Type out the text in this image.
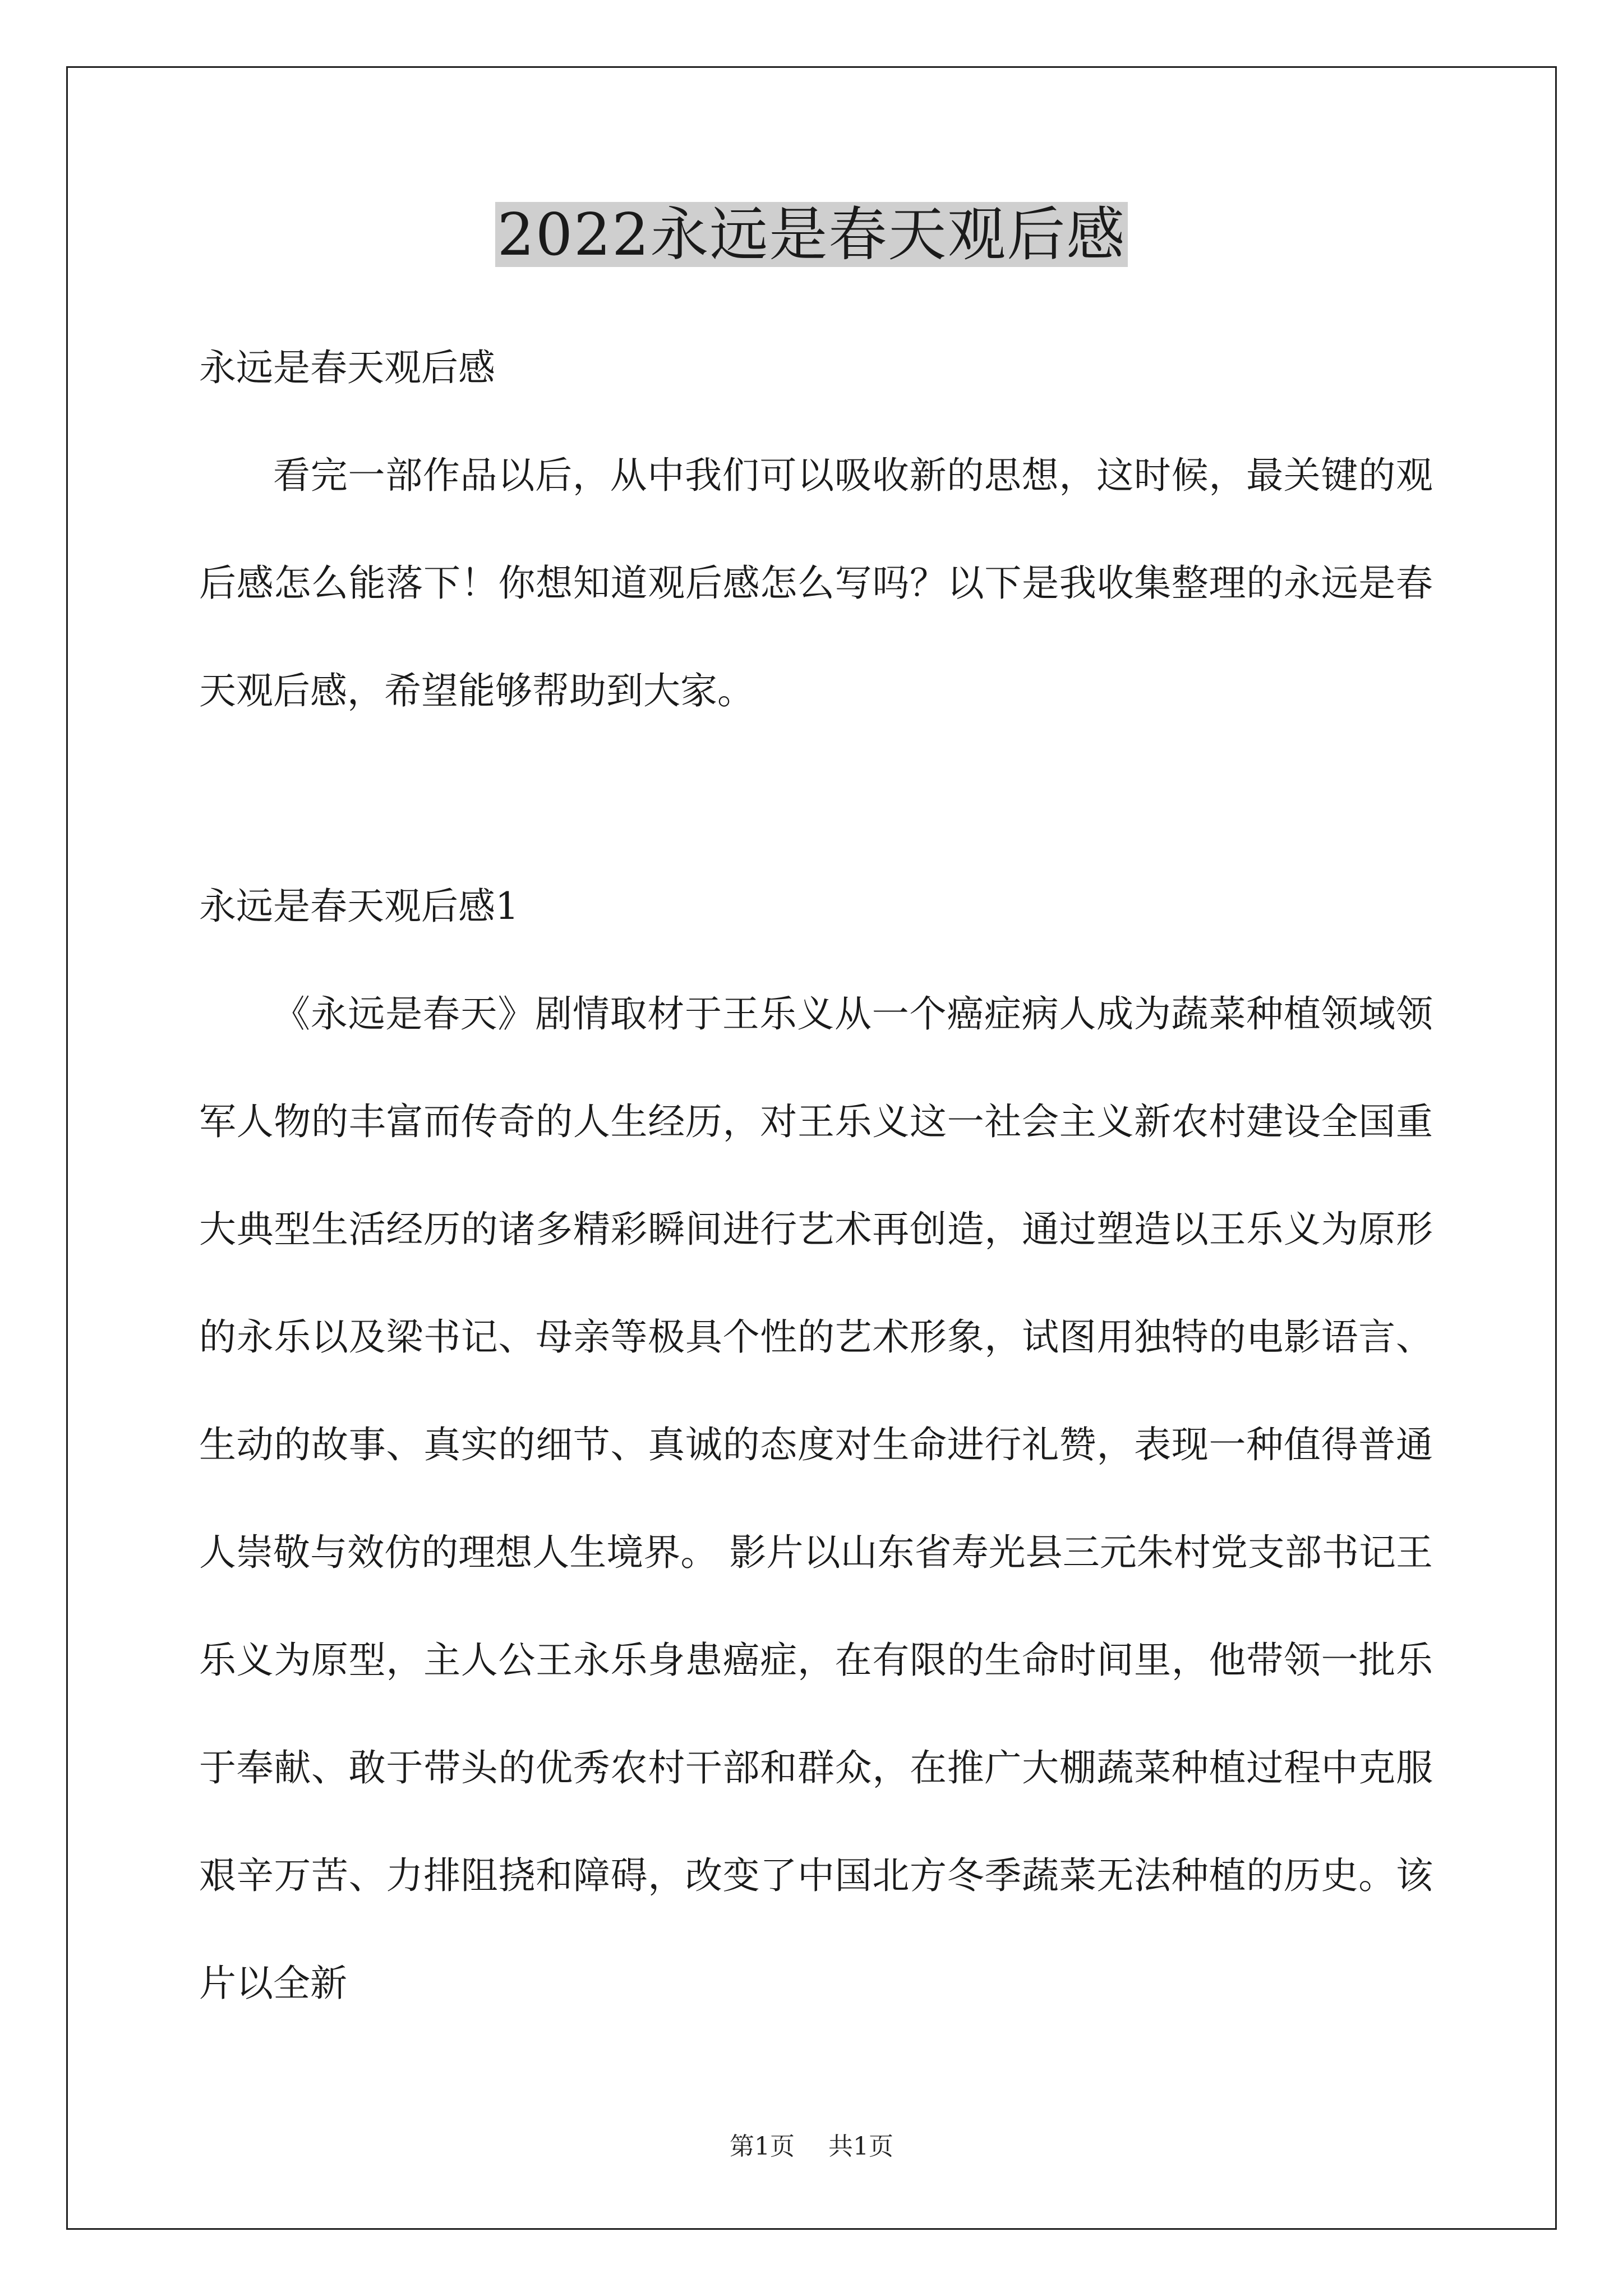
2022永远是春天观后感

永远是春天观后感

看完一部作品以后，从中我们可以吸收新的思想，这时候，最关键的观后感怎么能落下！你想知道观后感怎么写吗？以下是我收集整理的永远是春天观后感，希望能够帮助到大家。

永远是春天观后感1

《永远是春天》剧情取材于王乐义从一个癌症病人成为蔬菜种植领域领军人物的丰富而传奇的人生经历，对王乐义这一社会主义新农村建设全国重大典型生活经历的诸多精彩瞬间进行艺术再创造，通过塑造以王乐义为原形的永乐以及梁书记、母亲等极具个性的艺术形象，试图用独特的电影语言、生动的故事、真实的细节、真诚的态度对生命进行礼赞，表现一种值得普通人崇敬与效仿的理想人生境界。 影片以山东省寿光县三元朱村党支部书记王乐义为原型，主人公王永乐身患癌症，在有限的生命时间里，他带领一批乐于奉献、敢于带头的优秀农村干部和群众，在推广大棚蔬菜种植过程中克服艰辛万苦、力排阻挠和障碍，改变了中国北方冬季蔬菜无法种植的历史。该片以全新

第1页 共1页
